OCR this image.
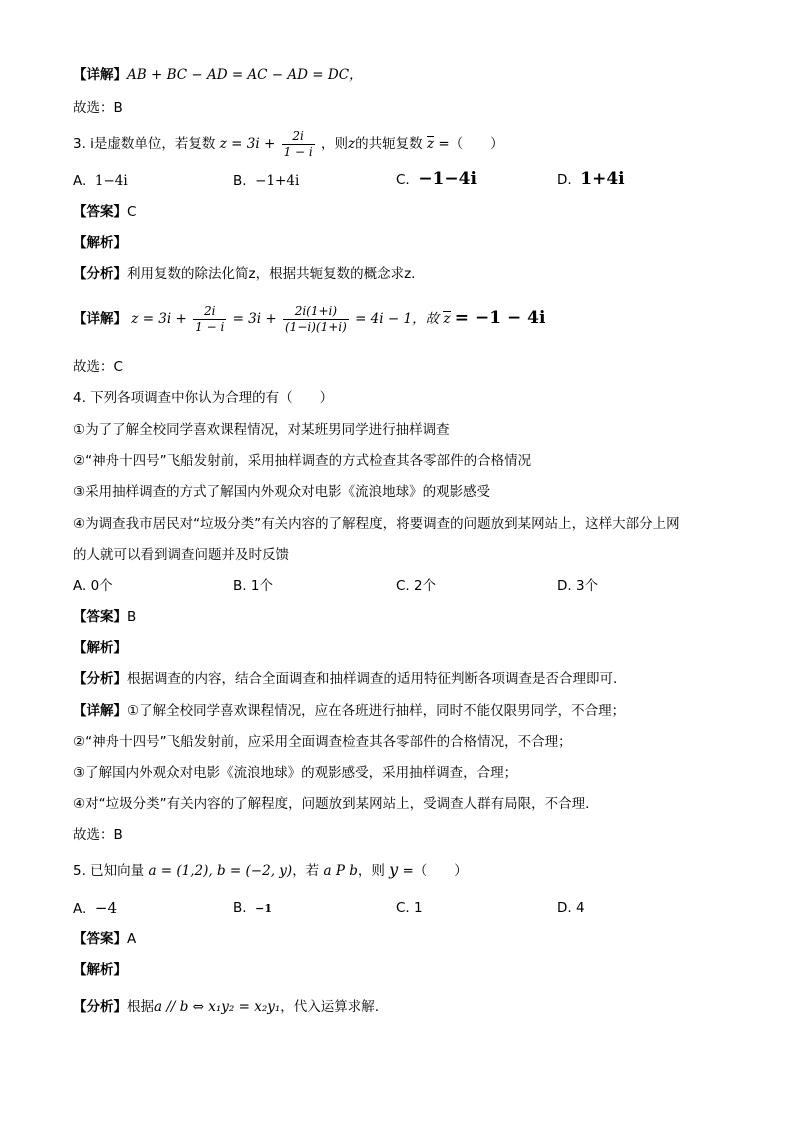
【详解】AB + BC − AD = AC − AD = DC，
故选：B
3. i是虚数单位，若复数 $z = 3i + \frac{2i}{1 - i}$ ，则z的共轭复数 z =（　　）
A. 1−4i	B. −1+4i	C. −1−4i	D. 1+4i
【答案】C
【解析】
【分析】利用复数的除法化简z，根据共轭复数的概念求z.
【详解】 $z = 3i + \frac{2i}{1 - i} = 3i + \frac{2i(1+i)}{(1-i)(1+i)} = 4i - 1$，故 z = −1 − 4i
故选：C
4. 下列各项调查中你认为合理的有（　　）
①为了了解全校同学喜欢课程情况，对某班男同学进行抽样调查
②“神舟十四号”飞船发射前，采用抽样调查的方式检查其各零部件的合格情况
③采用抽样调查的方式了解国内外观众对电影《流浪地球》的观影感受
④为调查我市居民对“垃圾分类”有关内容的了解程度，将要调查的问题放到某网站上，这样大部分上网
的人就可以看到调查问题并及时反馈
A. 0个	B. 1个	C. 2个	D. 3个
【答案】B
【解析】
【分析】根据调查的内容，结合全面调查和抽样调查的适用特征判断各项调查是否合理即可.
【详解】①了解全校同学喜欢课程情况，应在各班进行抽样，同时不能仅限男同学，不合理；
②“神舟十四号”飞船发射前，应采用全面调查检查其各零部件的合格情况，不合理；
③了解国内外观众对电影《流浪地球》的观影感受，采用抽样调查，合理；
④对“垃圾分类”有关内容的了解程度，问题放到某网站上，受调查人群有局限，不合理.
故选：B
5. 已知向量 a = (1,2), b = (−2, y)，若 a P b，则 y =（　　）
A. −4	B. −1	C. 1	D. 4
【答案】A
【解析】
【分析】根据a // b ⇔ x₁y₂ = x₂y₁，代入运算求解.
